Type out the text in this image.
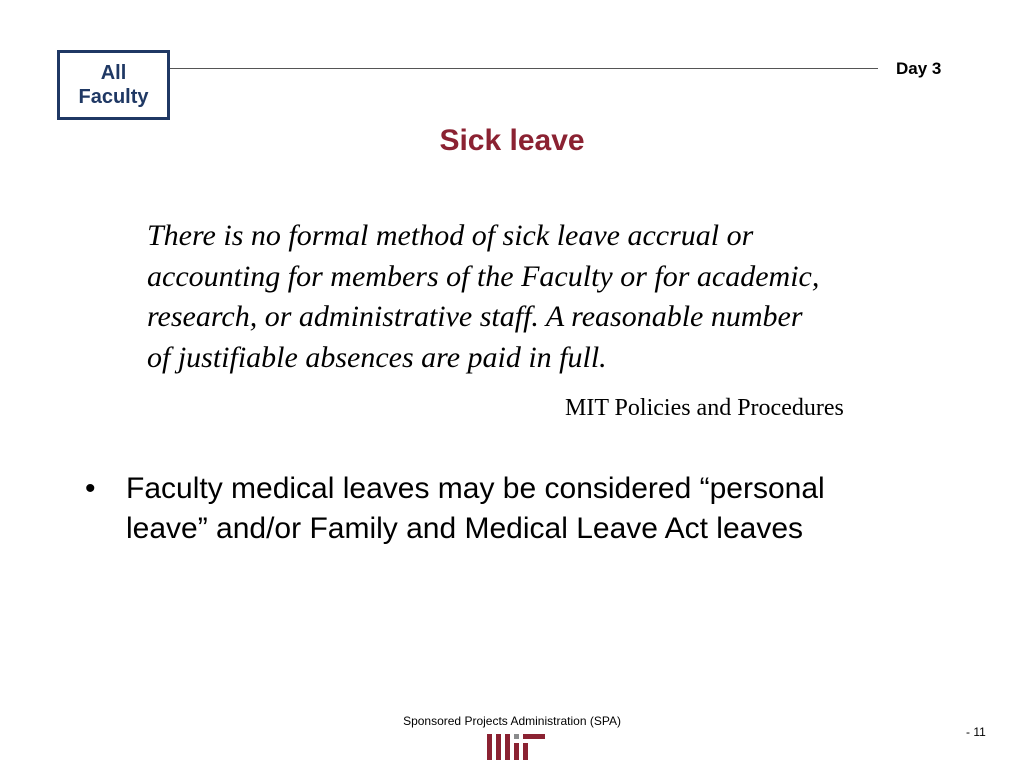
All
Faculty
Day 3
Sick leave
There is no formal method of sick leave accrual or
accounting for members of the Faculty or for academic,
research, or administrative staff. A reasonable number
of justifiable absences are paid in full.
MIT Policies and Procedures
• Faculty medical leaves may be considered “personal
leave” and/or Family and Medical Leave Act leaves
Sponsored Projects Administration (SPA)
- 11
